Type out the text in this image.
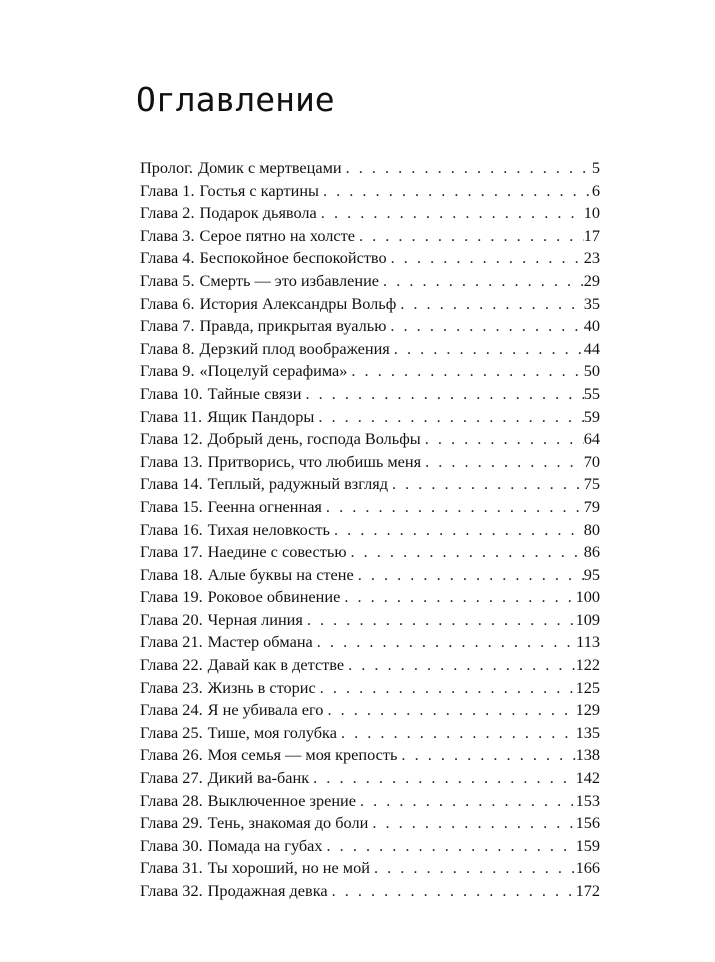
Оглавление
Пролог. Домик с мертвецами . . .	5
Глава 1. Гостья с картины . . .	6
Глава 2. Подарок дьявола . . .	10
Глава 3. Серое пятно на холсте . . .	17
Глава 4. Беспокойное беспокойство . . .	23
Глава 5. Смерть — это избавление . . .	29
Глава 6. История Александры Вольф . . .	35
Глава 7. Правда, прикрытая вуалью . . .	40
Глава 8. Дерзкий плод воображения . . .	44
Глава 9. «Поцелуй серафима» . . .	50
Глава 10. Тайные связи . . .	55
Глава 11. Ящик Пандоры . . .	59
Глава 12. Добрый день, господа Вольфы . . .	64
Глава 13. Притворись, что любишь меня . . .	70
Глава 14. Теплый, радужный взгляд . . .	75
Глава 15. Геенна огненная . . .	79
Глава 16. Тихая неловкость . . .	80
Глава 17. Наедине с совестью . . .	86
Глава 18. Алые буквы на стене . . .	95
Глава 19. Роковое обвинение . . .	100
Глава 20. Черная линия . . .	109
Глава 21. Мастер обмана . . .	113
Глава 22. Давай как в детстве . . .	122
Глава 23. Жизнь в сторис . . .	125
Глава 24. Я не убивала его . . .	129
Глава 25. Тише, моя голубка . . .	135
Глава 26. Моя семья — моя крепость . . .	138
Глава 27. Дикий ва-банк . . .	142
Глава 28. Выключенное зрение . . .	153
Глава 29. Тень, знакомая до боли . . .	156
Глава 30. Помада на губах . . .	159
Глава 31. Ты хороший, но не мой . . .	166
Глава 32. Продажная девка . . .	172
